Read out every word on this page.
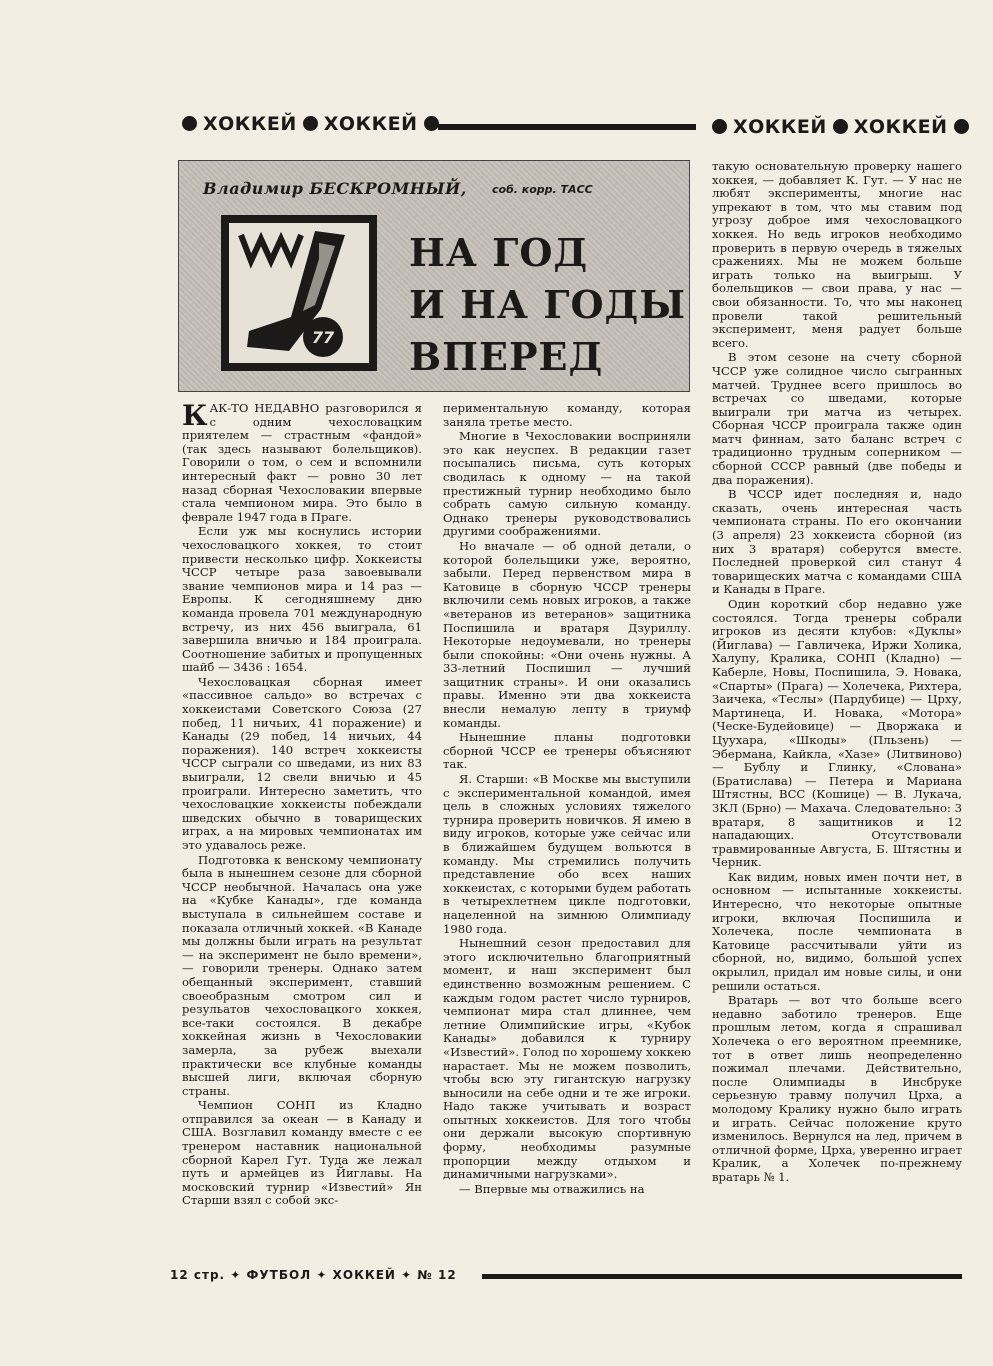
ХОККЕЙ ХОККЕЙ	ХОККЕЙ ХОККЕЙ
Владимир БЕСКРОМНЫЙ, соб. корр. ТАСС
77
НА ГОД
И НА ГОДЫ
ВПЕРЕД

КАК-ТО НЕДАВНО разговорился я с одним чехословацким приятелем — страстным «фандой» (так здесь называют болельщиков). Говорили о том, о сем и вспомнили интересный факт — ровно 30 лет назад сборная Чехословакии впервые стала чемпионом мира. Это было в феврале 1947 года в Праге.

Если уж мы коснулись истории чехословацкого хоккея, то стоит привести несколько цифр. Хоккеисты ЧССР четыре раза завоевывали звание чемпионов мира и 14 раз — Европы. К сегодняшнему дню команда провела 701 международную встречу, из них 456 выиграла, 61 завершила вничью и 184 проиграла. Соотношение забитых и пропущенных шайб — 3436 : 1654.

Чехословацкая сборная имеет «пассивное сальдо» во встречах с хоккеистами Советского Союза (27 побед, 11 ничьих, 41 поражение) и Канады (29 побед, 14 ничьих, 44 поражения). 140 встреч хоккеисты ЧССР сыграли со шведами, из них 83 выиграли, 12 свели вничью и 45 проиграли. Интересно заметить, что чехословацкие хоккеисты побеждали шведских обычно в товарищеских играх, а на мировых чемпионатах им это удавалось реже.

Подготовка к венскому чемпионату была в нынешнем сезоне для сборной ЧССР необычной. Началась она уже на «Кубке Канады», где команда выступала в сильнейшем составе и показала отличный хоккей. «В Канаде мы должны были играть на результат — на эксперимент не было времени», — говорили тренеры. Однако затем обещанный эксперимент, ставший своеобразным смотром сил и резульатов чехословацкого хоккея, все-таки состоялся. В декабре хоккейная жизнь в Чехословакии замерла, за рубеж выехали практически все клубные команды высшей лиги, включая сборную страны.

Чемпион СОНП из Кладно отправился за океан — в Канаду и США. Возглавил команду вместе с ее тренером наставник национальной сборной Карел Гут. Туда же лежал путь и армейцев из Йиглавы. На московский турнир «Известий» Ян Старши взял с собой экс-

периментальную команду, которая заняла третье место.

Многие в Чехословакии восприняли это как неуспех. В редакции газет посыпались письма, суть которых сводилась к одному — на такой престижный турнир необходимо было собрать самую сильную команду. Однако тренеры руководствовались другими соображениями.

Но вначале — об одной детали, о которой болельщики уже, вероятно, забыли. Перед первенством мира в Катовице в сборную ЧССР тренеры включили семь новых игроков, а также «ветеранов из ветеранов» защитника Поспишила и вратаря Дзуриллу. Некоторые недоумевали, но тренеры были спокойны: «Они очень нужны. А 33-летний Поспишил — лучший защитник страны». И они оказались правы. Именно эти два хоккеиста внесли немалую лепту в триумф команды.

Нынешние планы подготовки сборной ЧССР ее тренеры объясняют так.

Я. Старши: «В Москве мы выступили с экспериментальной командой, имея цель в сложных условиях тяжелого турнира проверить новичков. Я имею в виду игроков, которые уже сейчас или в ближайшем будущем вольются в команду. Мы стремились получить представление обо всех наших хоккеистах, с которыми будем работать в четырехлетнем цикле подготовки, нацеленной на зимнюю Олимпиаду 1980 года.

Нынешний сезон предоставил для этого исключительно благоприятный момент, и наш эксперимент был единственно возможным решением. С каждым годом растет число турниров, чемпионат мира стал длиннее, чем летние Олимпийские игры, «Кубок Канады» добавился к турниру «Известий». Голод по хорошему хоккею нарастает. Мы не можем позволить, чтобы всю эту гигантскую нагрузку выносили на себе одни и те же игроки. Надо также учитывать и возраст опытных хоккеистов. Для того чтобы они держали высокую спортивную форму, необходимы разумные пропорции между отдыхом и динамичными нагрузками».

— Впервые мы отважились на

такую основательную проверку нашего хоккея, — добавляет К. Гут. — У нас не любят эксперименты, многие нас упрекают в том, что мы ставим под угрозу доброе имя чехословацкого хоккея. Но ведь игроков необходимо проверить в первую очередь в тяжелых сражениях. Мы не можем больше играть только на выигрыш. У болельщиков — свои права, у нас — свои обязанности. То, что мы наконец провели такой решительный эксперимент, меня радует больше всего.

В этом сезоне на счету сборной ЧССР уже солидное число сыгранных матчей. Труднее всего пришлось во встречах со шведами, которые выиграли три матча из четырех. Сборная ЧССР проиграла также один матч финнам, зато баланс встреч с традиционно трудным соперником — сборной СССР равный (две победы и два поражения).

В ЧССР идет последняя и, надо сказать, очень интересная часть чемпионата страны. По его окончании (3 апреля) 23 хоккеиста сборной (из них 3 вратаря) соберутся вместе. Последней проверкой сил станут 4 товарищеских матча с командами США и Канады в Праге.

Один короткий сбор недавно уже состоялся. Тогда тренеры собрали игроков из десяти клубов: «Дуклы» (Йиглава) — Гавличека, Иржи Холика, Халупу, Кралика, СОНП (Кладно) — Каберле, Новы, Поспишила, Э. Новака, «Спарты» (Прага) — Холечека, Рихтера, Заичека, «Теслы» (Пардубице) — Црху, Мартинеца, И. Новака, «Мотора» (Ческе-Будейовице) — Дворжака и Цуухара, «Шкоды» (Пльзень) — Эбермана, Кайкла, «Хазе» (Литвиново) — Бублу и Глинку, «Слована» (Братислава) — Петера и Мариана Штястны, ВСС (Кошице) — В. Лукача, ЗКЛ (Брно) — Махача. Следовательно: 3 вратаря, 8 защитников и 12 нападающих. Отсутствовали травмированные Августа, Б. Штястны и Черник.

Как видим, новых имен почти нет, в основном — испытанные хоккеисты. Интересно, что некоторые опытные игроки, включая Поспишила и Холечека, после чемпионата в Катовице рассчитывали уйти из сборной, но, видимо, большой успех окрылил, придал им новые силы, и они решили остаться.

Вратарь — вот что больше всего недавно заботило тренеров. Еще прошлым летом, когда я спрашивал Холечека о его вероятном преемнике, тот в ответ лишь неопределенно пожимал плечами. Действительно, после Олимпиады в Инсбруке серьезную травму получил Црха, а молодому Кралику нужно было играть и играть. Сейчас положение круто изменилось. Вернулся на лед, причем в отличной форме, Црха, уверенно играет Кралик, а Холечек по-прежнему вратарь № 1.

12 стр. ✦ ФУТБОЛ ✦ ХОККЕЙ ✦ № 12
